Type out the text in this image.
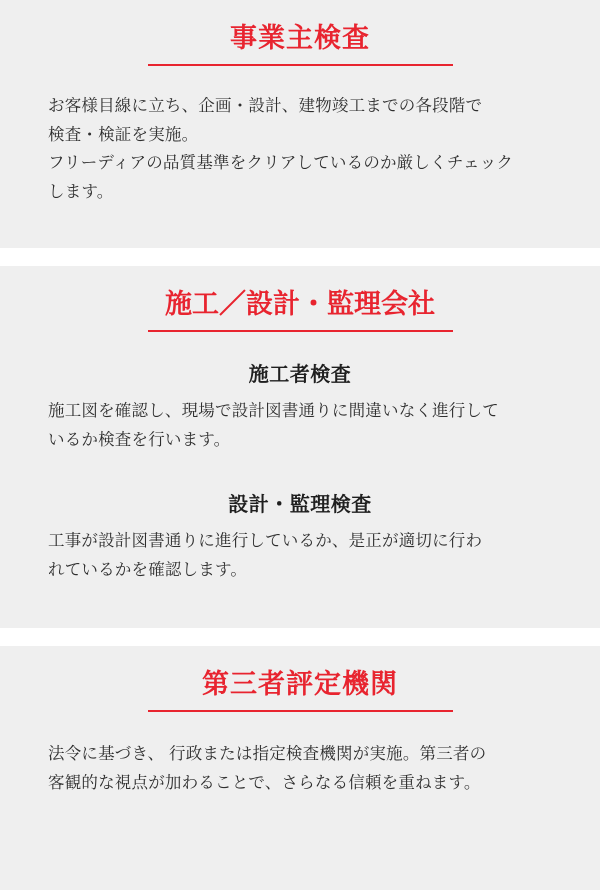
事業主検査

お客様目線に立ち、企画・設計、建物竣工までの各段階で
検査・検証を実施。
フリーディアの品質基準をクリアしているのか厳しくチェック
します。

施工／設計・監理会社
施工者検査

施工図を確認し、現場で設計図書通りに間違いなく進行して
いるか検査を行います。

設計・監理検査

工事が設計図書通りに進行しているか、是正が適切に行わ
れているかを確認します。

第三者評定機関

法令に基づき、 行政または指定検査機関が実施。第三者の
客観的な視点が加わることで、さらなる信頼を重ねます。
